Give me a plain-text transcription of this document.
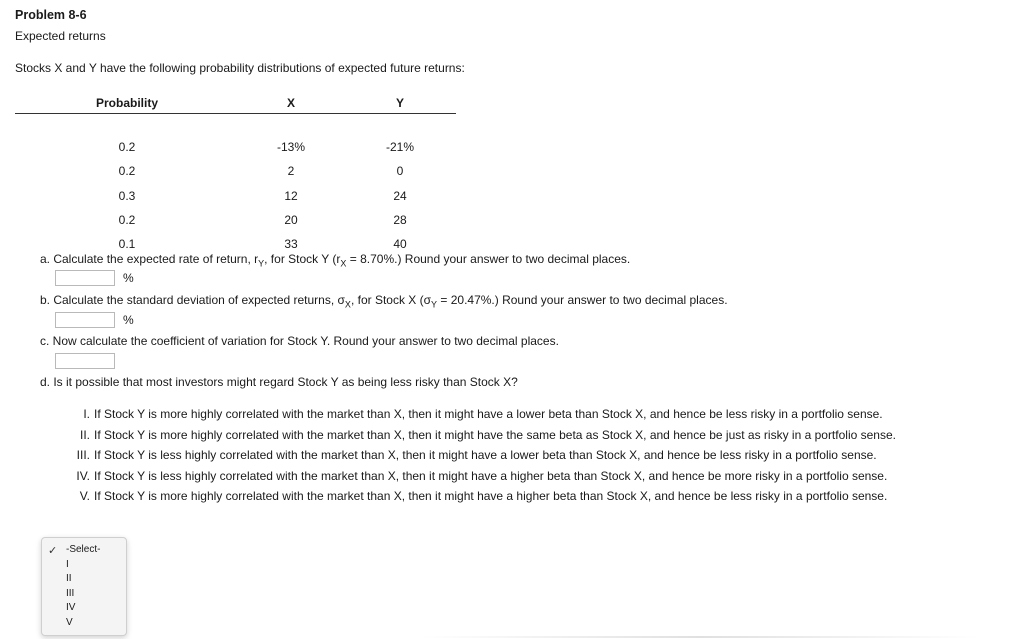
Problem 8-6
Expected returns
Stocks X and Y have the following probability distributions of expected future returns:
Probability	X	Y
0.2	-13%	-21%
0.2	2	0
0.3	12	24
0.2	20	28
0.1	33	40
a. Calculate the expected rate of return, $r_Y$, for Stock Y $(r_X = 8.70\%.)$ Round your answer to two decimal places.
%
b. Calculate the standard deviation of expected returns, $\sigma_X$, for Stock X $(\sigma_Y = 20.47\%.)$ Round your answer to two decimal places.
%
c. Now calculate the coefficient of variation for Stock Y. Round your answer to two decimal places.
d. Is it possible that most investors might regard Stock Y as being less risky than Stock X?
I. If Stock Y is more highly correlated with the market than X, then it might have a lower beta than Stock X, and hence be less risky in a portfolio sense.
II. If Stock Y is more highly correlated with the market than X, then it might have the same beta as Stock X, and hence be just as risky in a portfolio sense.
III. If Stock Y is less highly correlated with the market than X, then it might have a lower beta than Stock X, and hence be less risky in a portfolio sense.
IV. If Stock Y is less highly correlated with the market than X, then it might have a higher beta than Stock X, and hence be more risky in a portfolio sense.
V. If Stock Y is more highly correlated with the market than X, then it might have a higher beta than Stock X, and hence be less risky in a portfolio sense.
✓ -Select-
I
II
III
IV
V
